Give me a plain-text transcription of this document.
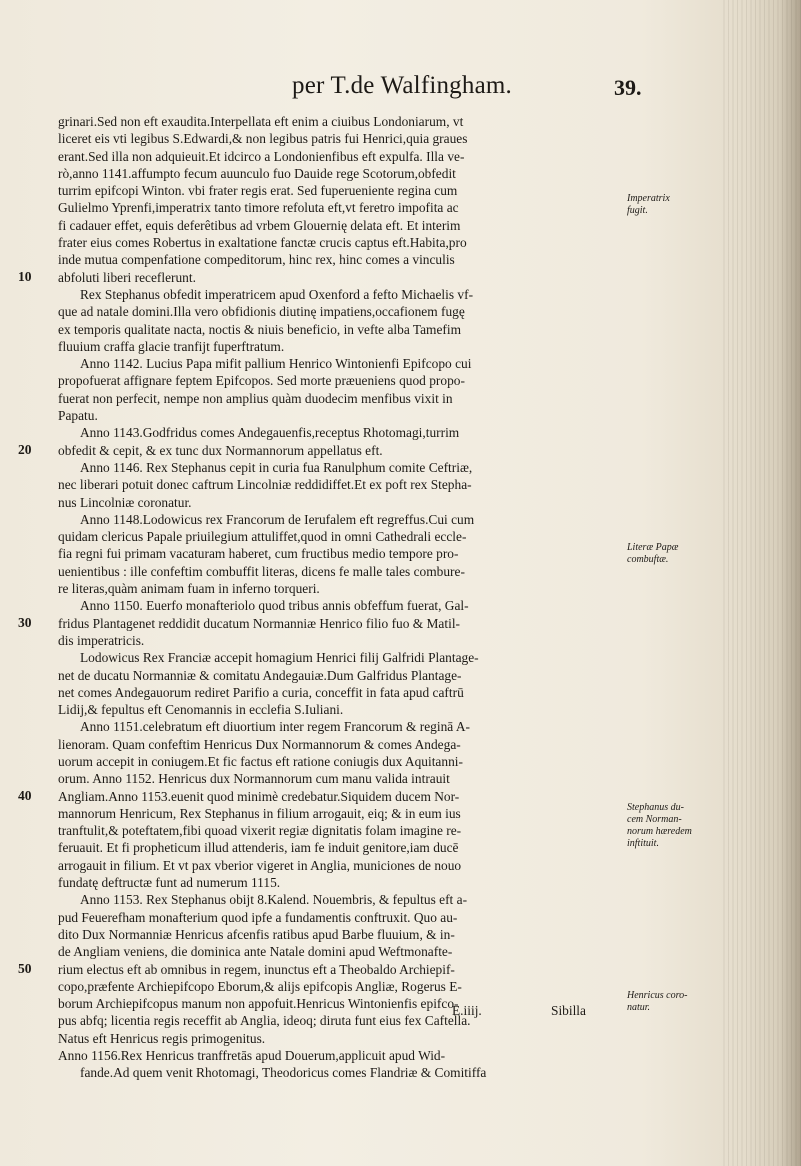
per T.de Walfingham.	39.
grinari.Sed non eft exaudita.Interpellata eft enim a ciuibus Londoniarum, vt
liceret eis vti legibus S.Edwardi,& non legibus patris fui Henrici,quia graues
erant.Sed illa non adquieuit.Et idcirco a Londonienfibus eft expulfa. Illa ve-
rò,anno 1141.affumpto fecum auunculo fuo Dauide rege Scotorum,obfedit
turrim epifcopi Winton. vbi frater regis erat. Sed fuperueniente regina cum
Gulielmo Yprenfi,imperatrix tanto timore refoluta eft,vt feretro impofita ac
fi cadauer effet, equis deferêtibus ad vrbem Glouernię delata eft. Et interim
frater eius comes Robertus in exaltatione fanctæ crucis captus eft.Habita,pro
inde mutua compenfatione compeditorum, hinc rex, hinc comes a vinculis
abfoluti liberi receflerunt.
Rex Stephanus obfedit imperatricem apud Oxenford a fefto Michaelis vf-
que ad natale domini.Illa vero obfidionis diutinę impatiens,occafionem fugę
ex temporis qualitate nacta, noctis & niuis beneficio, in vefte alba Tamefim
fluuium craffa glacie tranfijt fuperftratum.
Anno 1142. Lucius Papa mifit pallium Henrico Wintonienfi Epifcopo cui
propofuerat affignare feptem Epifcopos. Sed morte præueniens quod propo-
fuerat non perfecit, nempe non amplius quàm duodecim menfibus vixit in
Papatu.
Anno 1143.Godfridus comes Andegauenfis,receptus Rhotomagi,turrim
obfedit & cepit, & ex tunc dux Normannorum appellatus eft.
Anno 1146. Rex Stephanus cepit in curia fua Ranulphum comite Ceftriæ,
nec liberari potuit donec caftrum Lincolniæ reddidiffet.Et ex poft rex Stepha-
nus Lincolniæ coronatur.
Anno 1148.Lodowicus rex Francorum de Ierufalem eft regreffus.Cui cum
quidam clericus Papale priuilegium attuliffet,quod in omni Cathedrali eccle-
fia regni fui primam vacaturam haberet, cum fructibus medio tempore pro-
uenientibus : ille confeftim combuffit literas, dicens fe malle tales combure-
re literas,quàm animam fuam in inferno torqueri.
Anno 1150. Euerfo monafteriolo quod tribus annis obfeffum fuerat, Gal-
fridus Plantagenet reddidit ducatum Normanniæ Henrico filio fuo & Matil-
dis imperatricis.
Lodowicus Rex Franciæ accepit homagium Henrici filij Galfridi Plantage-
net de ducatu Normanniæ & comitatu Andegauiæ.Dum Galfridus Plantage-
net comes Andegauorum rediret Parifio a curia, conceffit in fata apud caftrū
Lidij,& fepultus eft Cenomannis in ecclefia S.Iuliani.
Anno 1151.celebratum eft diuortium inter regem Francorum & reginā A-
lienoram. Quam confeftim Henricus Dux Normannorum & comes Andega-
uorum accepit in coniugem.Et fic factus eft ratione coniugis dux Aquitanni-
orum. Anno 1152. Henricus dux Normannorum cum manu valida intrauit
Angliam.Anno 1153.euenit quod minimè credebatur.Siquidem ducem Nor-
mannorum Henricum, Rex Stephanus in filium arrogauit, eiq; & in eum ius
tranftulit,& poteftatem,fibi quoad vixerit regiæ dignitatis folam imagine re-
feruauit. Et fi propheticum illud attenderis, iam fe induit genitore,iam ducē
arrogauit in filium. Et vt pax vberior vigeret in Anglia, municiones de nouo
fundatę deftructæ funt ad numerum 1115.
Anno 1153. Rex Stephanus obijt 8.Kalend. Nouembris, & fepultus eft a-
pud Feuerefham monafterium quod ipfe a fundamentis conftruxit. Quo au-
dito Dux Normanniæ Henricus afcenfis ratibus apud Barbe fluuium, & in-
de Angliam veniens, die dominica ante Natale domini apud Weftmonafte-
rium electus eft ab omnibus in regem, inunctus eft a Theobaldo Archiepif-
copo,præfente Archiepifcopo Eborum,& alijs epifcopis Angliæ, Rogerus E-
borum Archiepifcopus manum non appofuit.Henricus Wintonienfis epifco-
pus abfq; licentia regis receffit ab Anglia, ideoq; diruta funt eius fex Caftella.
Natus eft Henricus regis primogenitus.
Anno 1156.Rex Henricus tranffretās apud Douerum,applicuit apud Wid-
fande.Ad quem venit Rhotomagi, Theodoricus comes Flandriæ & Comitiffa
10
20
30
40
50
Imperatrix
fugit.
Literæ Papæ
combuftæ.
Stephanus du-
cem Norman-
norum hæredem
inftituit.
Henricus coro-
natur.
E.iiij.	Sibilla
